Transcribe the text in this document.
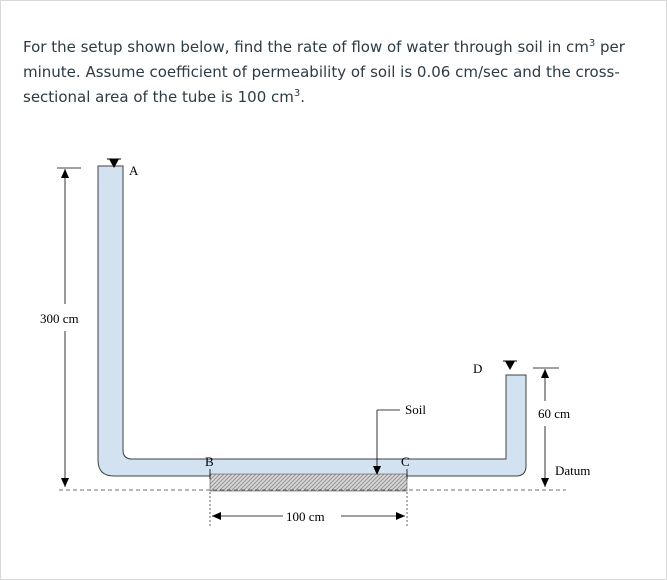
For the setup shown below, find the rate of flow of water through soil in $cm^3$ per minute. Assume coefficient of permeability of soil is 0.06 cm/sec and the cross-sectional area of the tube is 100 $cm^3$.
A
B	C
D
Soil
300 cm
60 cm
Datum
100 cm
